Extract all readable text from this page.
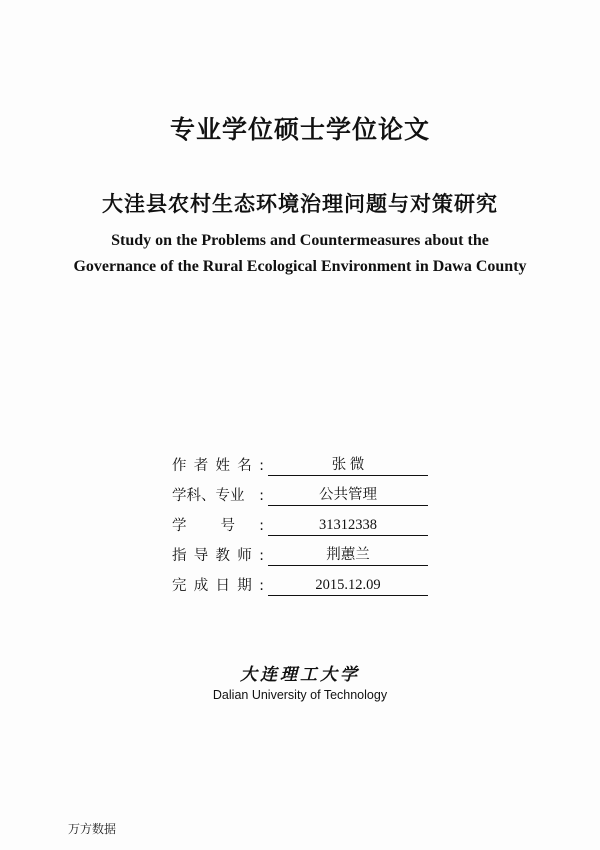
专业学位硕士学位论文
大洼县农村生态环境治理问题与对策研究
Study on the Problems and Countermeasures about the
Governance of the Rural Ecological Environment in Dawa County
作 者 姓 名 :	张 微
学科、专业 :	公共管理
学 号 :	31312338
指 导 教 师 :	荆蕙兰
完 成 日 期 :	2015.12.09
大连理工大学
Dalian University of Technology
万方数据
